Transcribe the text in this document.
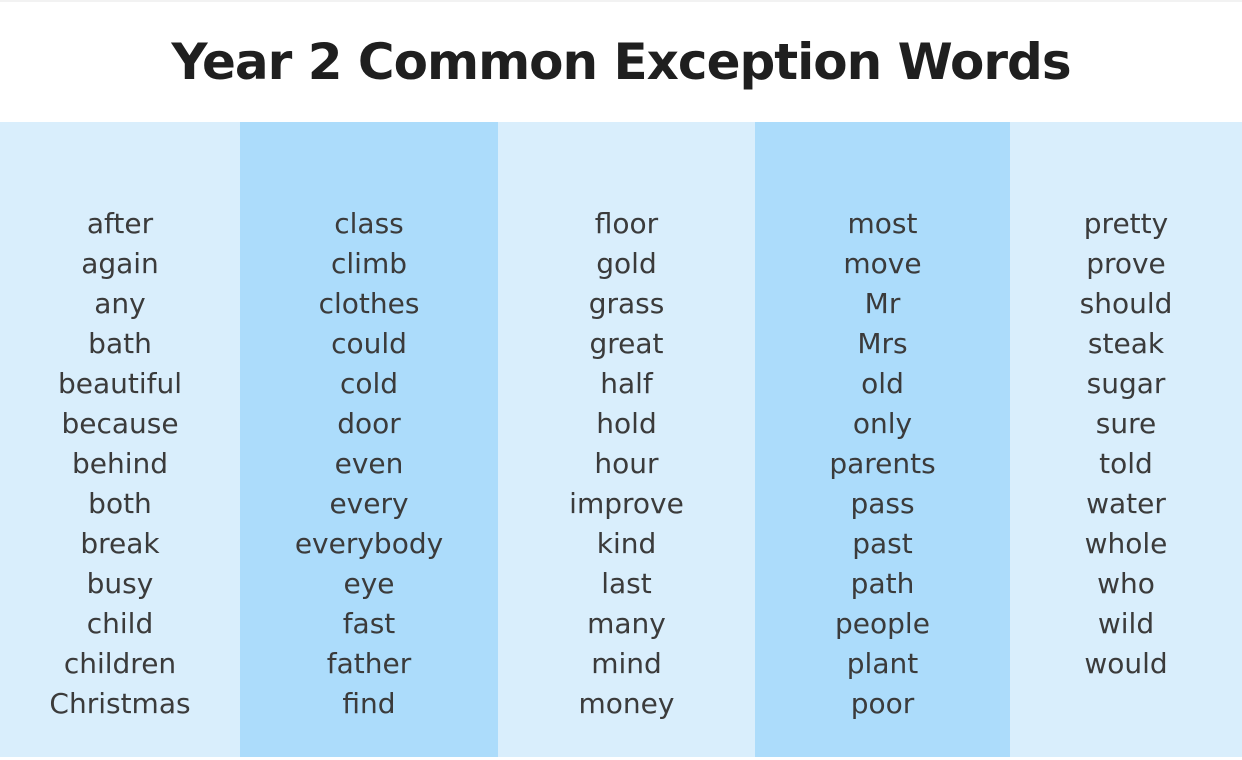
Year 2 Common Exception Words
after
again
any
bath
beautiful
because
behind
both
break
busy
child
children
Christmas
class
climb
clothes
could
cold
door
even
every
everybody
eye
fast
father
find
floor
gold
grass
great
half
hold
hour
improve
kind
last
many
mind
money
most
move
Mr
Mrs
old
only
parents
pass
past
path
people
plant
poor
pretty
prove
should
steak
sugar
sure
told
water
whole
who
wild
would
